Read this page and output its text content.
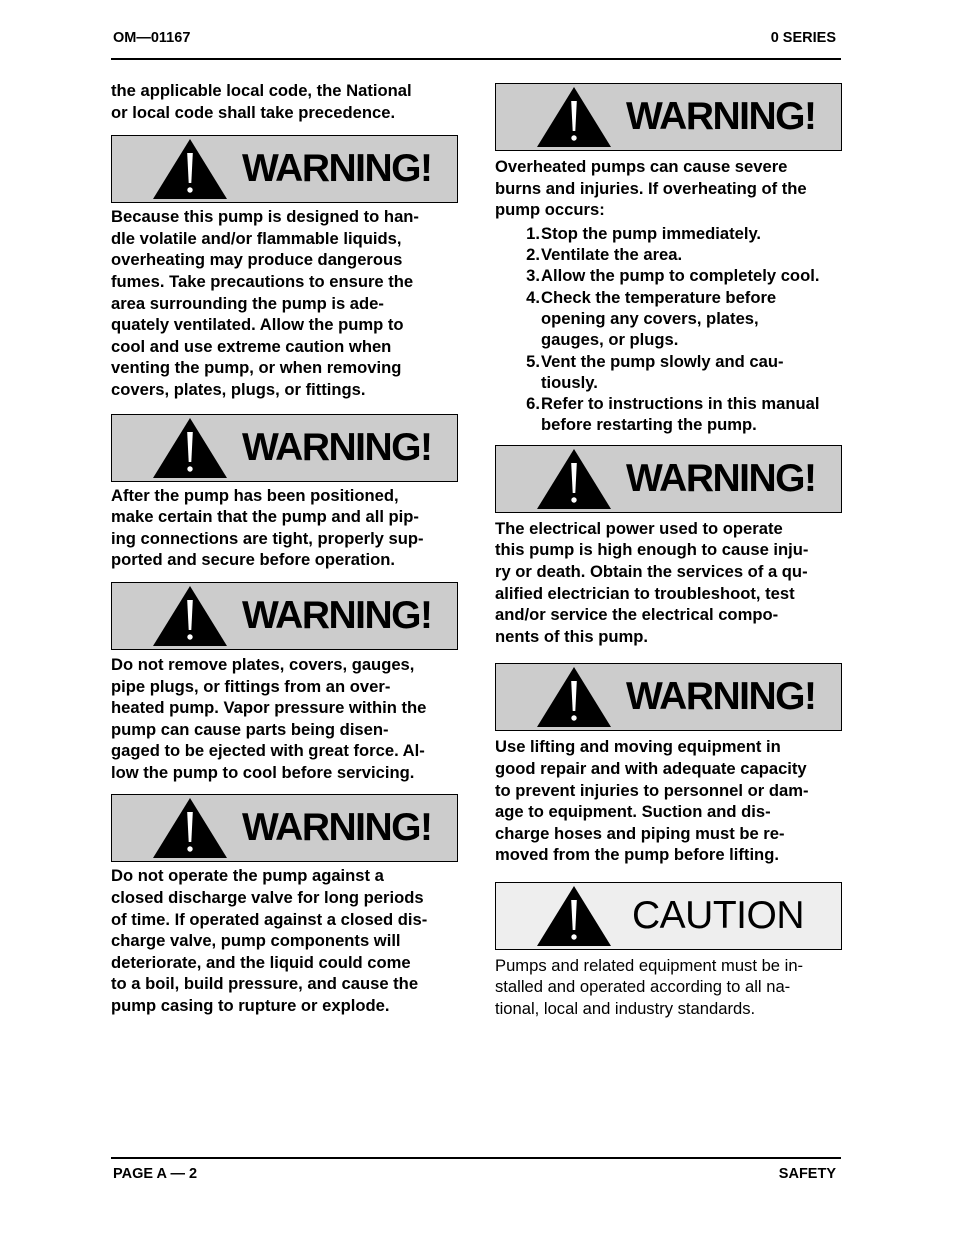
OM—01167	0 SERIES
the applicable local code, the National
or local code shall take precedence.
WARNING!
Because this pump is designed to han-
dle volatile and/or flammable liquids,
overheating may produce dangerous
fumes. Take precautions to ensure the
area surrounding the pump is ade-
quately ventilated. Allow the pump to
cool and use extreme caution when
venting the pump, or when removing
covers, plates, plugs, or fittings.
WARNING!
After the pump has been positioned,
make certain that the pump and all pip-
ing connections are tight, properly sup-
ported and secure before operation.
WARNING!
Do not remove plates, covers, gauges,
pipe plugs, or fittings from an over-
heated pump. Vapor pressure within the
pump can cause parts being disen-
gaged to be ejected with great force. Al-
low the pump to cool before servicing.
WARNING!
Do not operate the pump against a
closed discharge valve for long periods
of time. If operated against a closed dis-
charge valve, pump components will
deteriorate, and the liquid could come
to a boil, build pressure, and cause the
pump casing to rupture or explode.
WARNING!
Overheated pumps can cause severe
burns and injuries. If overheating of the
pump occurs:
1. Stop the pump immediately.
2. Ventilate the area.
3. Allow the pump to completely cool.
4. Check the temperature before
opening any covers, plates,
gauges, or plugs.
5. Vent the pump slowly and cau-
tiously.
6. Refer to instructions in this manual
before restarting the pump.
WARNING!
The electrical power used to operate
this pump is high enough to cause inju-
ry or death. Obtain the services of a qu-
alified electrician to troubleshoot, test
and/or service the electrical compo-
nents of this pump.
WARNING!
Use lifting and moving equipment in
good repair and with adequate capacity
to prevent injuries to personnel or dam-
age to equipment. Suction and dis-
charge hoses and piping must be re-
moved from the pump before lifting.
CAUTION
Pumps and related equipment must be in-
stalled and operated according to all na-
tional, local and industry standards.
PAGE A — 2	SAFETY
